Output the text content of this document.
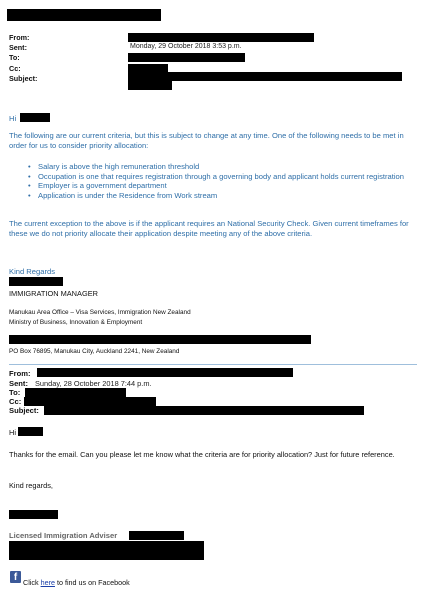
From:
Sent:	Monday, 29 October 2018 3:53 p.m.
To:
Cc:
Subject:
Hi
The following are our current criteria, but this is subject to change at any time. One of the following needs to be met in order for us to consider priority allocation:
• Salary is above the high remuneration threshold
• Occupation is one that requires registration through a governing body and applicant holds current registration
• Employer is a government department
• Application is under the Residence from Work stream
The current exception to the above is if the applicant requires an National Security Check. Given current timeframes for these we do not priority allocate their application despite meeting any of the above criteria.
Kind Regards
IMMIGRATION MANAGER
Manukau Area Office – Visa Services, Immigration New Zealand
Ministry of Business, Innovation & Employment
PO Box 76895, Manukau City, Auckland 2241, New Zealand
From:
Sent: Sunday, 28 October 2018 7:44 p.m.
To:
Cc:
Subject:
Hi
Thanks for the email. Can you please let me know what the criteria are for priority allocation? Just for future reference.
Kind regards,
Licensed Immigration Adviser
f Click here to find us on Facebook
